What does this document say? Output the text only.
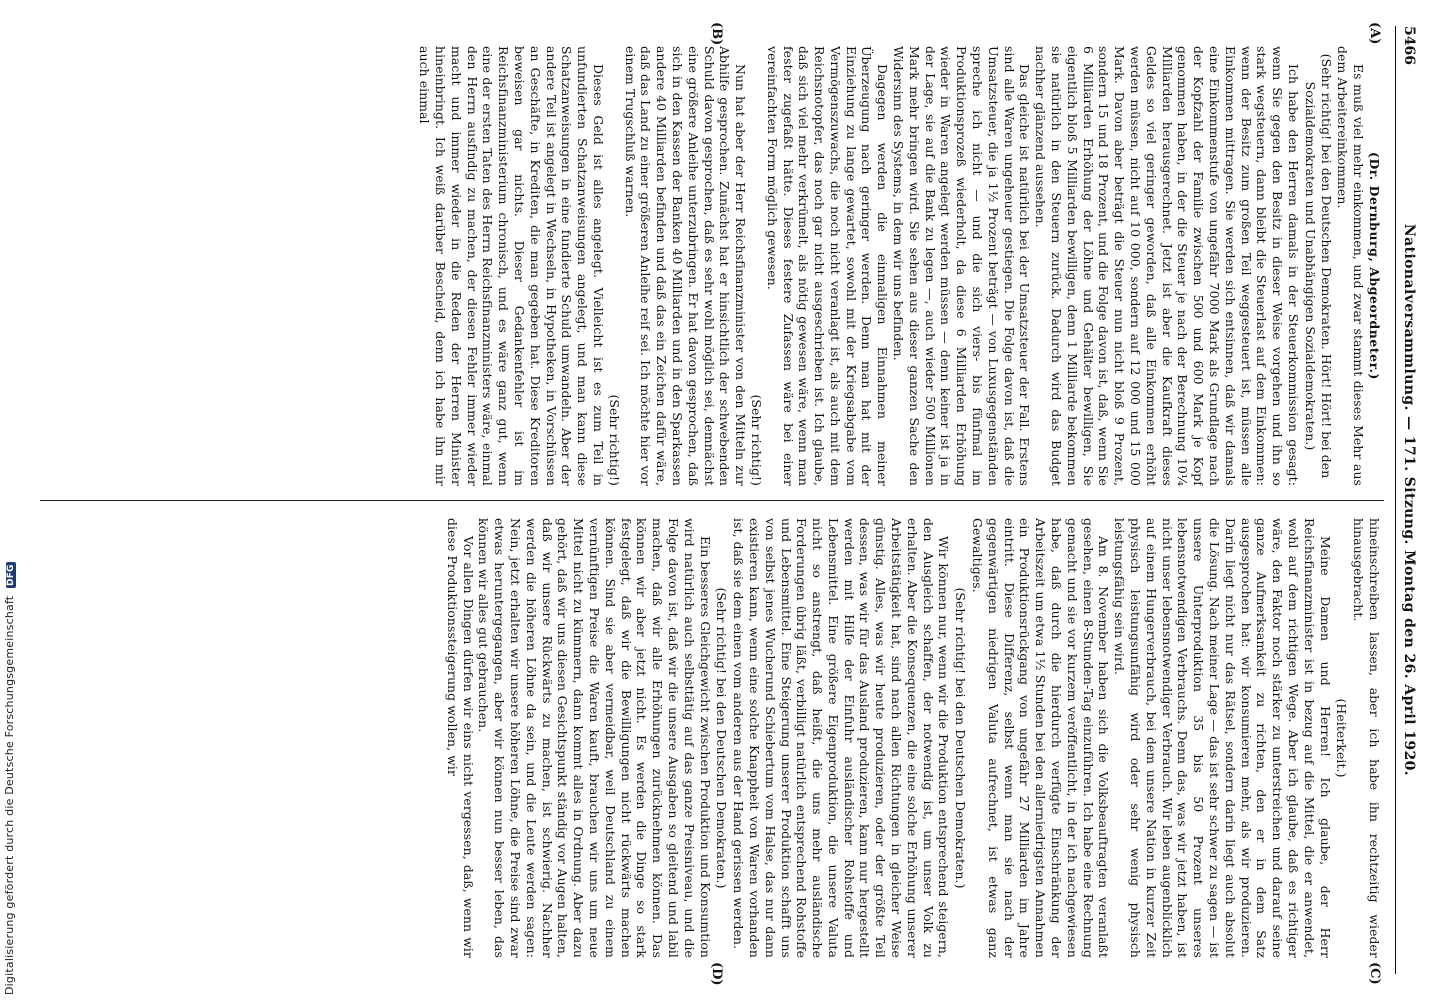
Digitalisierung gefördert durch die Deutsche Forschungsgemeinschaft DFG
5466
Nationalversammlung. — 171. Sitzung. Montag den 26. April 1920.
(A)
(B)
(C)
(D)

(Dr. Dernburg, Abgeordneter.)

Es muß viel mehr einkommen, und zwar stammt dieses Mehr aus dem Arbeitereinkommen.

(Sehr richtig! bei den Deutschen Demokraten. Hört! Hört! bei den Sozialdemokraten und Unabhängigen Sozialdemokraten.)

Ich habe den Herren damals in der Steuerkommission gesagt: wenn Sie gegen den Besitz in dieser Weise vorgehen und ihn so stark wegsteuern, dann bleibt die Steuerlast auf dem Einkommen: wenn der Besitz zum großen Teil weggesteuert ist, müssen alle Einkommen mittragen. Sie werden sich entsinnen, daß wir damals eine Einkommenstufe von ungefähr 7000 Mark als Grundlage nach der Kopfzahl der Familie zwischen 500 und 600 Mark je Kopf genommen haben, in der die Steuer je nach der Berechnung 10¼ Milliarden herausgerechnet. Jetzt ist aber die Kaufkraft dieses Geldes so viel geringer geworden, daß alle Einkommen erhöht werden müssen, nicht auf 10 000, sondern auf 12 000 und 15 000 Mark. Davon aber beträgt die Steuer nun nicht bloß 9 Prozent, sondern 15 und 18 Prozent, und die Folge davon ist, daß, wenn Sie 6 Milliarden Erhöhung der Löhne und Gehälter bewilligen, Sie eigentlich bloß 5 Milliarden bewilligen, denn 1 Milliarde bekommen sie natürlich in den Steuern zurück. Dadurch wird das Budget nachher glänzend aussehen.

Das gleiche ist natürlich bei der Umsatzsteuer der Fall. Erstens sind alle Waren ungeheuer gestiegen. Die Folge davon ist, daß die Umsatzsteuer, die ja 1½ Prozent beträgt — von Luxusgegenständen spreche ich nicht — und die sich viers- bis fünfmal im Produktionsprozeß wiederholt, da diese 6 Milliarden Erhöhung wieder in Waren angelegt werden müssen — denn keiner ist ja in der Lage, sie auf die Bank zu legen —, auch wieder 500 Millionen Mark mehr bringen wird. Sie sehen aus dieser ganzen Sache den Widersinn des Systems, in dem wir uns befinden.

Dagegen werden die einmaligen Einnahmen meiner Überzeugung nach geringer werden. Denn man hat mit der Einziehung zu lange gewartet, sowohl mit der Kriegsabgabe vom Vermögenszuwachs, die noch nicht veranlagt ist, als auch mit dem Reichsnotopfer, das noch gar nicht ausgeschrieben ist. Ich glaube, daß sich viel mehr verkrümelt, als nötig gewesen wäre, wenn man fester zugefaßt hätte. Dieses festere Zufassen wäre bei einer vereinfachten Form möglich gewesen.

(Sehr richtig!)

Nun hat aber der Herr Reichsfinanzminister von den Mitteln zur Abhilfe gesprochen. Zunächst hat er hinsichtlich der schwebenden Schuld davon gesprochen, daß es sehr wohl möglich sei, demnächst eine größere Anleihe unterzubringen. Er hat davon gesprochen, daß sich in den Kassen der Banken 40 Milliarden und in den Sparkassen andere 40 Milliarden befinden und daß das ein Zeichen dafür wäre, daß das Land zu einer größeren Anleihe reif sei. Ich möchte hier vor einem Trugschluß warnen.

(Sehr richtig!)

Dieses Geld ist alles angelegt. Vielleicht ist es zum Teil in unfundierten Schatzanweisungen angelegt, und man kann diese Schatzanweisungen in eine fundierte Schuld umwandeln. Aber der andere Teil ist angelegt in Wechseln, in Hypotheken, in Vorschüssen an Geschäfte, in Krediten, die man gegeben hat. Diese Kreditoren beweisen gar nichts. Dieser Gedankenfehler ist im Reichsfinanzministerium chronisch, und es wäre ganz gut, wenn eine der ersten Taten des Herrn Reichsfinanzministers wäre, einmal den Herrn ausfindig zu machen, der diesen Fehler immer wieder macht und immer wieder in die Reden der Herren Minister hineinbringt. Ich weiß darüber Bescheid, denn ich habe ihn mir auch einmal

hineinschreiben lassen, aber ich habe ihn rechtzeitig wieder hinausgebracht.

(Heiterkeit.)

Meine Damen und Herren! Ich glaube, der Herr Reichsfinanzminister ist in bezug auf die Mittel, die er anwendet, wohl auf dem richtigen Wege. Aber ich glaube, daß es richtiger wäre, den Faktor noch stärker zu unterstreichen und darauf seine ganze Aufmerksamkeit zu richten, den er in dem Satz ausgesprochen hat: wir konsumieren mehr, als wir produzieren. Darin liegt nicht nur das Rätsel, sondern darin liegt auch absolut die Lösung. Nach meiner Lage — das ist sehr schwer zu sagen — ist unsere Unterproduktion 35 bis 50 Prozent unseres lebensnotwendigen Verbrauchs. Denn das, was wir jetzt haben, ist nicht unser lebensnotwendiger Verbrauch. Wir leben augenblicklich auf einem Hungerverbrauch, bei dem unsere Nation in kurzer Zeit physisch leistungsunfähig wird oder sehr wenig physisch leistungsfähig sein wird.

Am 8. November haben sich die Volksbeauftragten veranlaßt gesehen, einen 8-Stunden-Tag einzuführen. Ich habe eine Rechnung gemacht und sie vor kurzem veröffentlicht, in der ich nachgewiesen habe, daß durch die hierdurch verfügte Einschränkung der Arbeitszeit um etwa 1½ Stunden bei den allerniedrigsten Annahmen ein Produktionsrückgang von ungefähr 27 Milliarden im Jahre eintritt. Diese Differenz, selbst wenn man sie nach der gegenwärtigen niedrigen Valuta aufrechnet, ist etwas ganz Gewaltiges.

(Sehr richtig! bei den Deutschen Demokraten.)

Wir können nur, wenn wir die Produktion entsprechend steigern, den Ausgleich schaffen, der notwendig ist, um unser Volk zu erhalten. Aber die Konsequenzen, die eine solche Erhöhung unserer Arbeitstätigkeit hat, sind nach allen Richtungen in gleicher Weise günstig. Alles, was wir heute produzieren, oder der größte Teil dessen, was wir für das Ausland produzieren, kann nur hergestellt werden mit Hilfe der Einfuhr ausländischer Rohstoffe und Lebensmittel. Eine größere Eigenproduktion, die unsere Valuta nicht so anstrengt, daß heißt, die uns mehr ausländische Forderungen übrig läßt, verbilligt natürlich entsprechend Rohstoffe und Lebensmittel. Eine Steigerung unserer Produktion schafft uns von selbst jenes Wucherund Schiebertum vom Halse, das nur dann existieren kann, wenn eine solche Knappheit von Waren vorhanden ist, daß sie dem einen vom anderen aus der Hand gerissen werden.

(Sehr richtig! bei den Deutschen Demokraten.)

Ein besseres Gleichgewicht zwischen Produktion und Konsumtion wird natürlich auch selbsttätig auf das ganze Preisniveau, und die Folge davon ist, daß wir die unsere Ausgaben so gleitend und labil machen, daß wir alle Erhöhungen zurücknehmen können. Das können wir aber jetzt nicht. Es werden die Dinge so stark festgelegt, daß wir die Bewilligungen nicht rückwärts machen können. Sind sie aber vermeidbar, weil Deutschland zu einem vernünftigen Preise die Waren kauft, brauchen wir uns um neue Mittel nicht zu kümmern, dann kommt alles in Ordnung. Aber dazu gehört, daß wir uns diesen Gesichtspunkt ständig vor Augen halten, daß wir unsere Rückwärts zu machen, ist schwierig. Nachher werden die höheren Löhne da sein, und die Leute werden sagen: Nein, jetzt erhalten wir unsere höheren Löhne, die Preise sind zwar etwas heruntergegangen, aber wir können nun besser leben, das können wir alles gut gebrauchen.

Vor allen Dingen dürfen wir eins nicht vergessen, daß, wenn wir diese Produktionssteigerung wollen, wir
